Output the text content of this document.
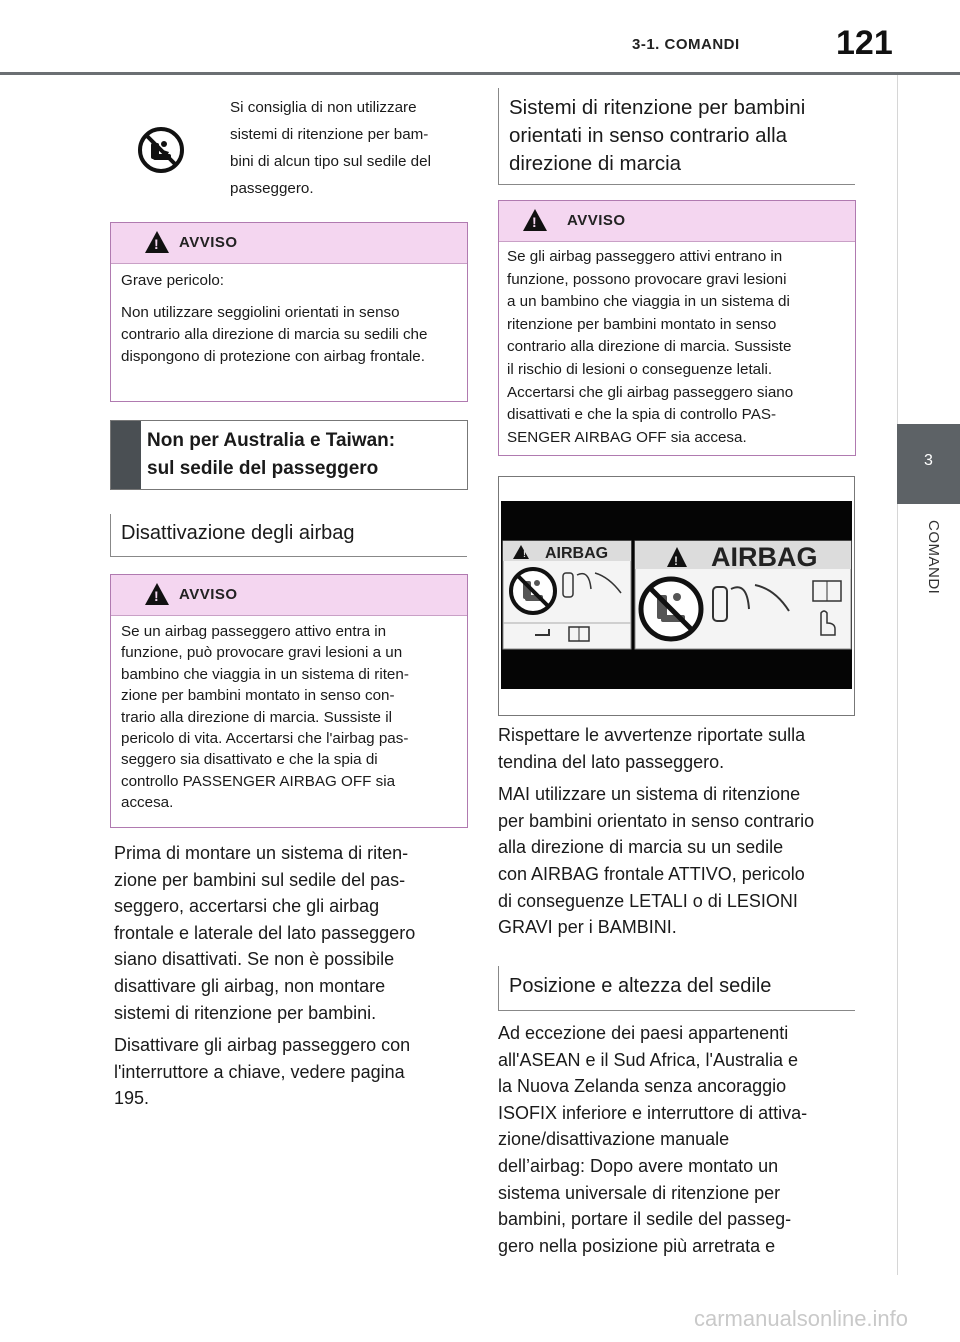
3-1. COMANDI	121
3
COMANDI
Si consiglia di non utilizzare
sistemi di ritenzione per bam-
bini di alcun tipo sul sedile del
passeggero.
!
AVVISO

Grave pericolo:

Non utilizzare seggiolini orientati in senso contrario alla direzione di marcia su sedili che dispongono di protezione con airbag frontale.

Non per Australia e Taiwan:
sul sedile del passeggero
Disattivazione degli airbag
!
AVVISO
Se un airbag passeggero attivo entra in
funzione, può provocare gravi lesioni a un
bambino che viaggia in un sistema di riten-
zione per bambini montato in senso con-
trario alla direzione di marcia. Sussiste il
pericolo di vita. Accertarsi che l'airbag pas-
seggero sia disattivato e che la spia di
controllo PASSENGER AIRBAG OFF sia
accesa.

Prima di montare un sistema di riten-
zione per bambini sul sedile del pas-
seggero, accertarsi che gli airbag
frontale e laterale del lato passeggero
siano disattivati. Se non è possibile
disattivare gli airbag, non montare
sistemi di ritenzione per bambini.

Disattivare gli airbag passeggero con
l'interruttore a chiave, vedere pagina
195.

Sistemi di ritenzione per bambini
orientati in senso contrario alla
direzione di marcia
!
AVVISO
Se gli airbag passeggero attivi entrano in
funzione, possono provocare gravi lesioni
a un bambino che viaggia in un sistema di
ritenzione per bambini montato in senso
contrario alla direzione di marcia. Sussiste
il rischio di lesioni o conseguenze letali.
Accertarsi che gli airbag passeggero siano
disattivati e che la spia di controllo PAS-
SENGER AIRBAG OFF sia accesa.
! AIRBAG	! AIRBAG

Rispettare le avvertenze riportate sulla
tendina del lato passeggero.

MAI utilizzare un sistema di ritenzione
per bambini orientato in senso contrario
alla direzione di marcia su un sedile
con AIRBAG frontale ATTIVO, pericolo
di conseguenze LETALI o di LESIONI
GRAVI per i BAMBINI.

Posizione e altezza del sedile
Ad eccezione dei paesi appartenenti
all'ASEAN e il Sud Africa, l'Australia e
la Nuova Zelanda senza ancoraggio
ISOFIX inferiore e interruttore di attiva-
zione/disattivazione manuale
dell’airbag: Dopo avere montato un
sistema universale di ritenzione per
bambini, portare il sedile del passeg-
gero nella posizione più arretrata e
carmanualsonline.info
